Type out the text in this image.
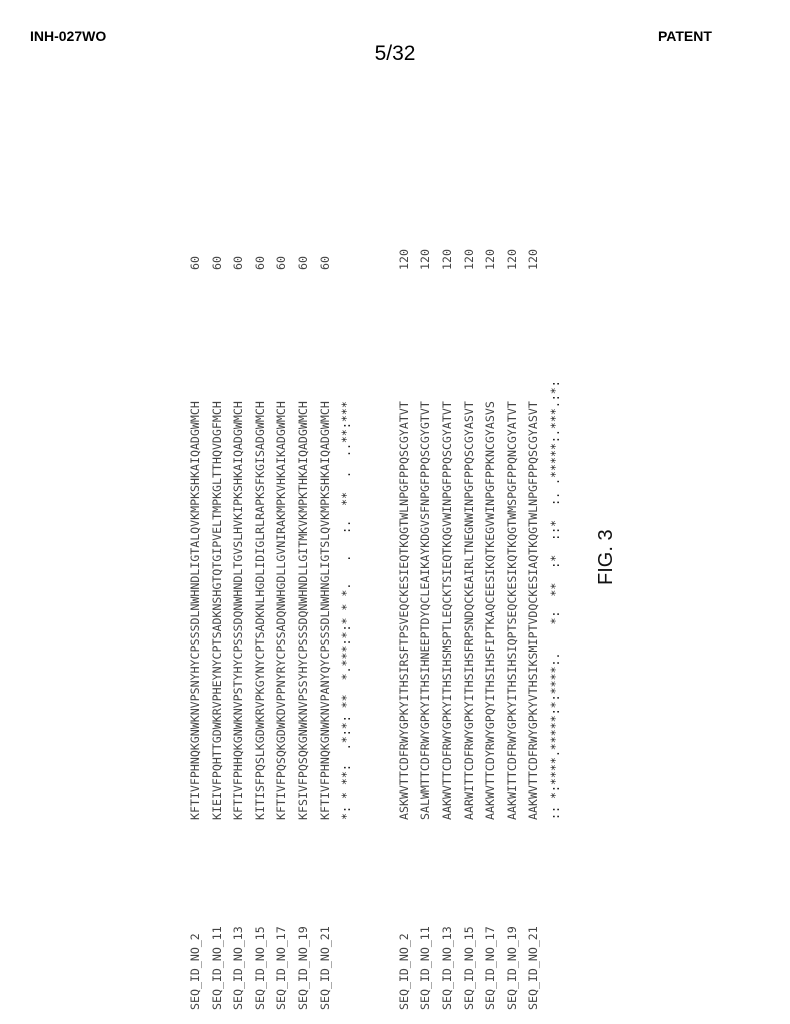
INH-027WO	PATENT
5/32
FIG. 3
SEQ_ID_NO_2
KFTIVFPHNQKGNWKNVPSNYHYCPSSSDLNWHNDLIGTALQVKMPKSHKAIQADGWMCH
60
SEQ_ID_NO_11
KIEIVFPQHTTGDWKRVPHEYNYCPTSADKNSHGTQTGIPVELTMPKGLTTHQVDGFMCH
60
SEQ_ID_NO_13
KFTIVFPHHQKGNWKNVPSTYHYCPSSSDQNWHNDLTGVSLHVKIPKSHKAIQADGWMCH
60
SEQ_ID_NO_15
KITISFPQSLKGDWKRVPKGYNYCPTSADKNLHGDLIDIGLRLRAPKSFKGISADGWMCH
60
SEQ_ID_NO_17
KFTIVFPQSQKGDWKDVPPNYRYCPSSADQNWHGDLLGVNIRAKMPKVHKAIKADGWMCH
60
SEQ_ID_NO_19
KFSIVFPQSQKGNWKNVPSSYHYCPSSSDQNWHNDLLGITMKVKMPKTHKAIQADGWMCH
60
SEQ_ID_NO_21
KFTIVFPHNQKGNWKNVPANYQYCPSSSDLNWHNGLIGTSLQVKMPKSHKAIQADGWMCH
60
*: * **:  .*:*: **  *.***:*:* * *.   .   :.  **  .  ..**:***
SEQ_ID_NO_2
ASKWVTTCDFRWYGPKYITHSIRSFTPSVEQCKESIEQTKQGTWLNPGFPPQSCGYATVT
120
SEQ_ID_NO_11
SALWMTTCDFRWYGPKYITHSIHNEEPTDYQCLEAIKAYKDGVSFNPGFPPQSCGYGTVT
120
SEQ_ID_NO_13
AAKWVTTCDFRWYGPKYITHSIHSMSPTLEQCKTSIEQTKQGVWINPGFPPQSCGYATVT
120
SEQ_ID_NO_15
AARWITTCDFRWYGPKYITHSIHSFRPSNDQCKEAIRLTNEGNWINPGFPPQSCGYASVT
120
SEQ_ID_NO_17
AAKWVTTCDYRWYGPQYITHSIHSFIPTKAQCEESIKQTKEGVWINPGFPPKNCGYASVS
120
SEQ_ID_NO_19
AAKWITTCDFRWYGPKYITHSIHSIQPTSEQCKESIKQTKQGTWMSPGFPPQNCGYATVT
120
SEQ_ID_NO_21
AAKWVTTCDFRWYGPKYVTHSIKSMIPTVDQCKESIAQTKQGTWLNPGFPPQSCGYASVT
120
:: *:****.*****:*:****:.    *:  **  :*  ::*  :. .*****:.***.:*:
